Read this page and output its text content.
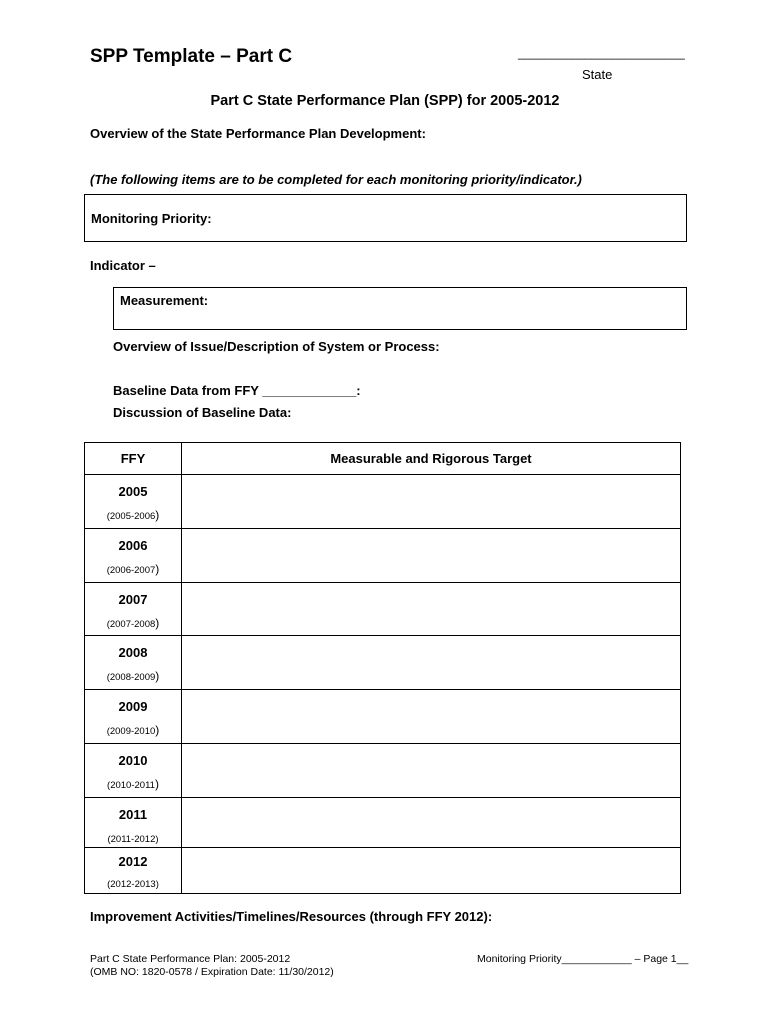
SPP Template – Part C	_________________________
State
Part C State Performance Plan (SPP) for 2005-2012
Overview of the State Performance Plan Development:
(The following items are to be completed for each monitoring priority/indicator.)
Monitoring Priority:
Indicator –
Measurement:
Overview of Issue/Description of System or Process:
Baseline Data from FFY _____________:
Discussion of Baseline Data:
FFY	Measurable and Rigorous Target

2005
(2005-2006)	

2006
(2006-2007)	

2007
(2007-2008)	

2008
(2008-2009)	

2009
(2009-2010)	

2010
(2010-2011)	

2011
(2011-2012)	

2012
(2012-2013)	

Improvement Activities/Timelines/Resources (through FFY 2012):
Part C State Performance Plan: 2005-2012
(OMB NO: 1820-0578 / Expiration Date: 11/30/2012)
Monitoring Priority____________ – Page 1__
